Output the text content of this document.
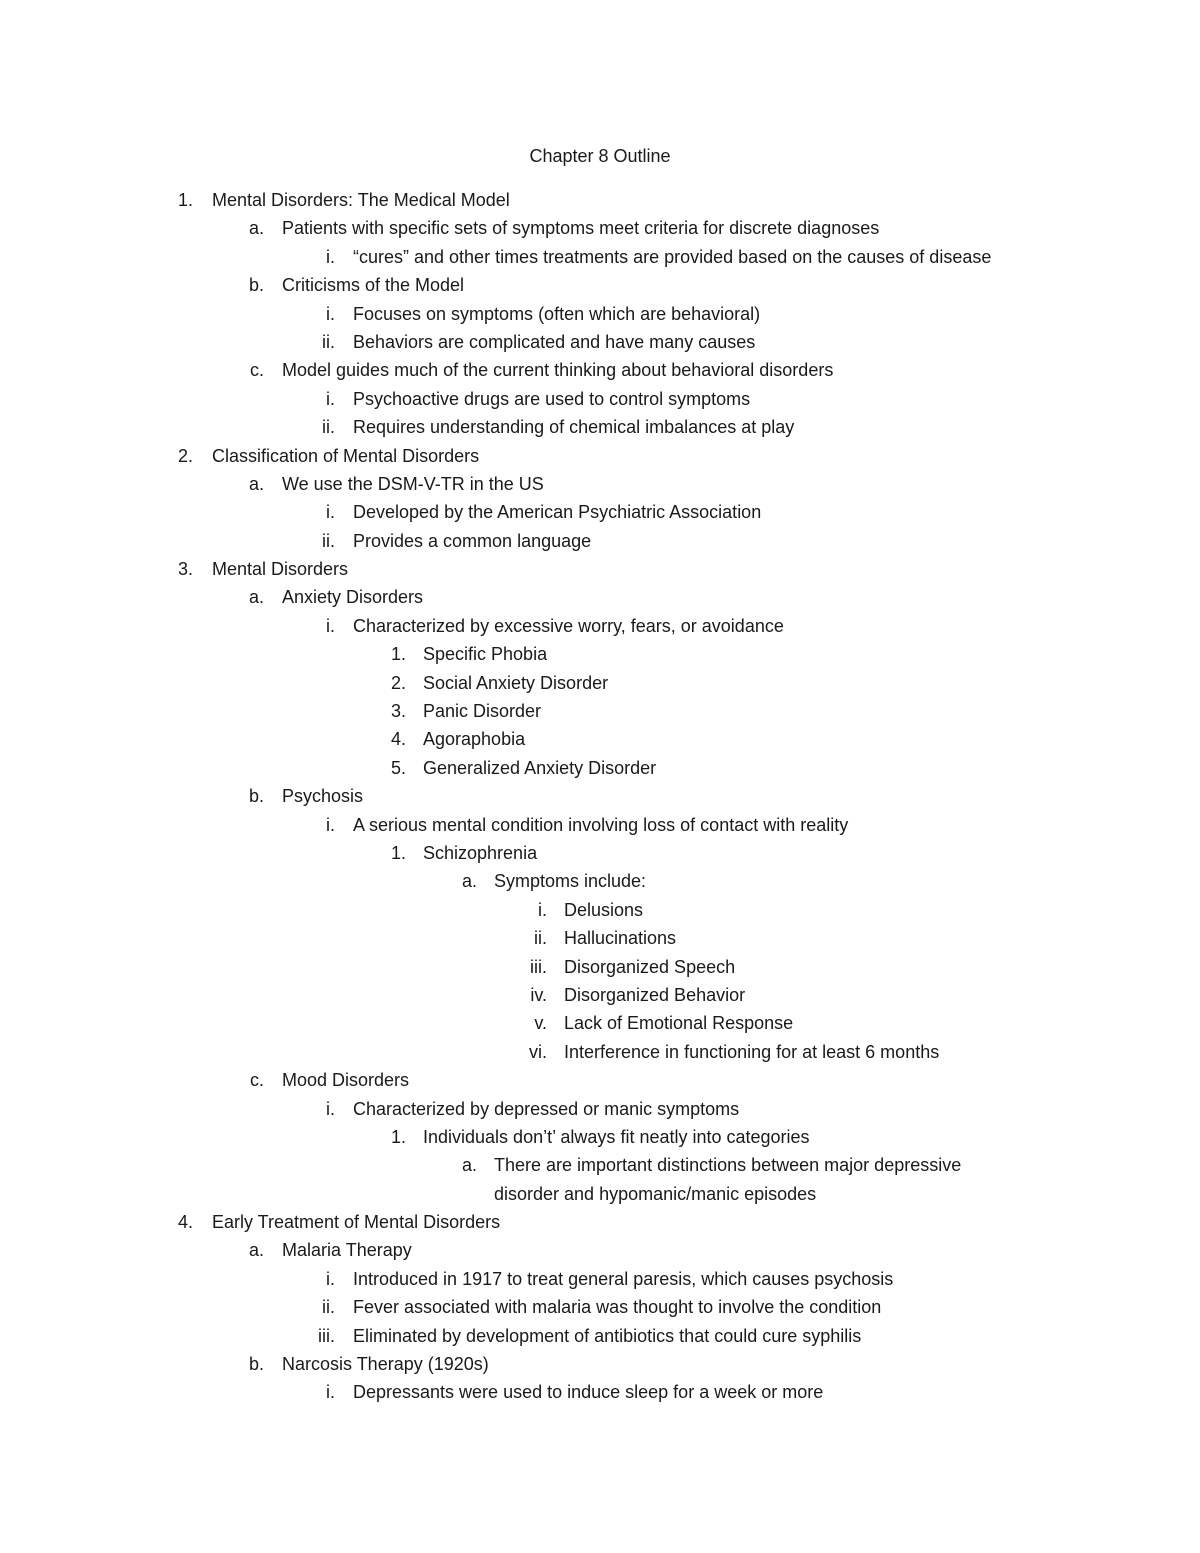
Chapter 8 Outline
1. Mental Disorders: The Medical Model
a. Patients with specific sets of symptoms meet criteria for discrete diagnoses
i. “cures” and other times treatments are provided based on the causes of disease
b. Criticisms of the Model
i. Focuses on symptoms (often which are behavioral)
ii. Behaviors are complicated and have many causes
c. Model guides much of the current thinking about behavioral disorders
i. Psychoactive drugs are used to control symptoms
ii. Requires understanding of chemical imbalances at play
2. Classification of Mental Disorders
a. We use the DSM-V-TR in the US
i. Developed by the American Psychiatric Association
ii. Provides a common language
3. Mental Disorders
a. Anxiety Disorders
i. Characterized by excessive worry, fears, or avoidance
1. Specific Phobia
2. Social Anxiety Disorder
3. Panic Disorder
4. Agoraphobia
5. Generalized Anxiety Disorder
b. Psychosis
i. A serious mental condition involving loss of contact with reality
1. Schizophrenia
a. Symptoms include:
i. Delusions
ii. Hallucinations
iii. Disorganized Speech
iv. Disorganized Behavior
v. Lack of Emotional Response
vi. Interference in functioning for at least 6 months
c. Mood Disorders
i. Characterized by depressed or manic symptoms
1. Individuals don’t’ always fit neatly into categories
a. There are important distinctions between major depressive
disorder and hypomanic/manic episodes
4. Early Treatment of Mental Disorders
a. Malaria Therapy
i. Introduced in 1917 to treat general paresis, which causes psychosis
ii. Fever associated with malaria was thought to involve the condition
iii. Eliminated by development of antibiotics that could cure syphilis
b. Narcosis Therapy (1920s)
i. Depressants were used to induce sleep for a week or more
